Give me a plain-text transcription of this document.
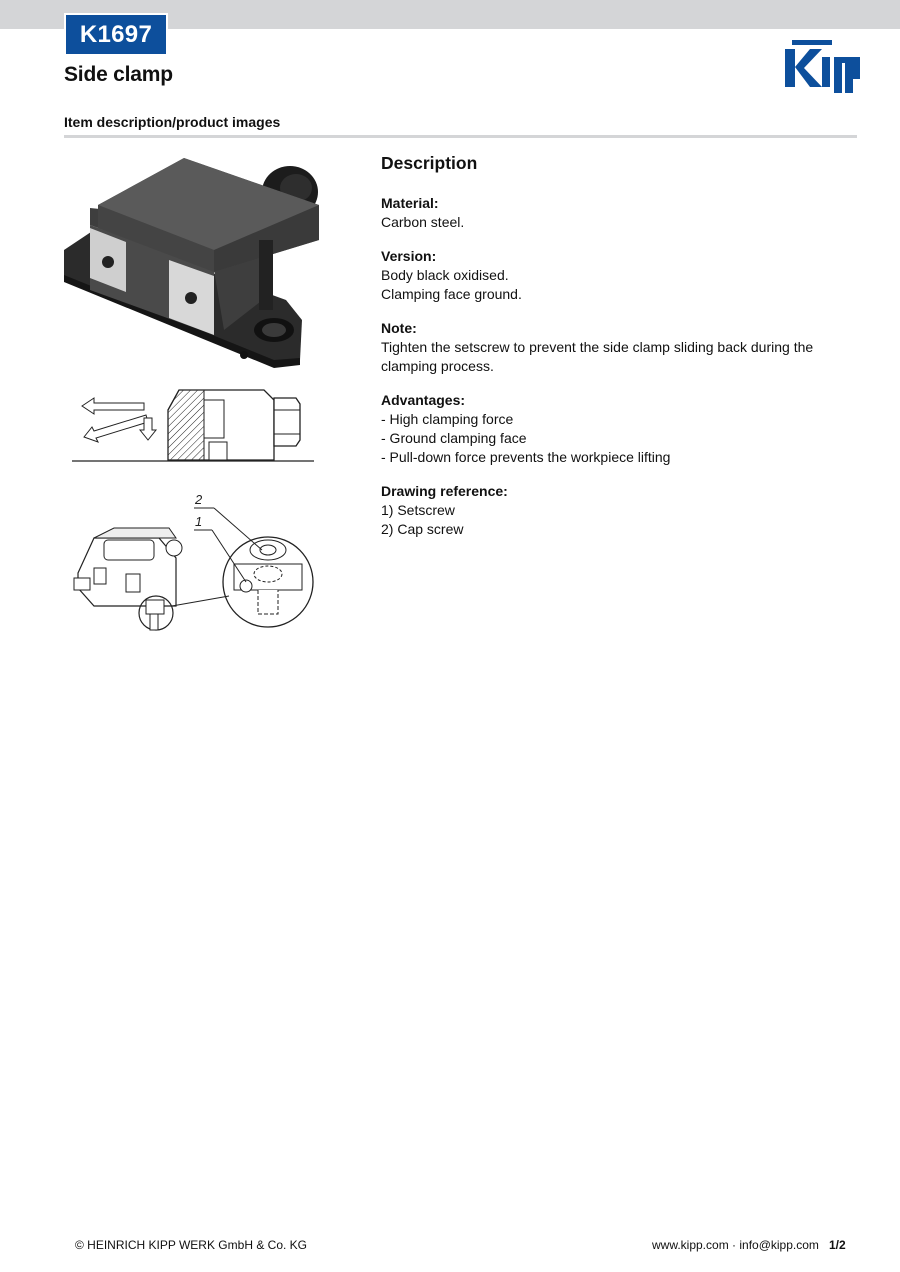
K1697
Side clamp
Item description/product images
2
1
Description
Material:
Carbon steel.
Version:
Body black oxidised.
Clamping face ground.
Note:
Tighten the setscrew to prevent the side clamp sliding back during the clamping process.
Advantages:
- High clamping force
- Ground clamping face
- Pull-down force prevents the workpiece lifting
Drawing reference:
1) Setscrew
2) Cap screw
© HEINRICH KIPP WERK GmbH & Co. KG	www.kipp.com · info@kipp.com 1/2
